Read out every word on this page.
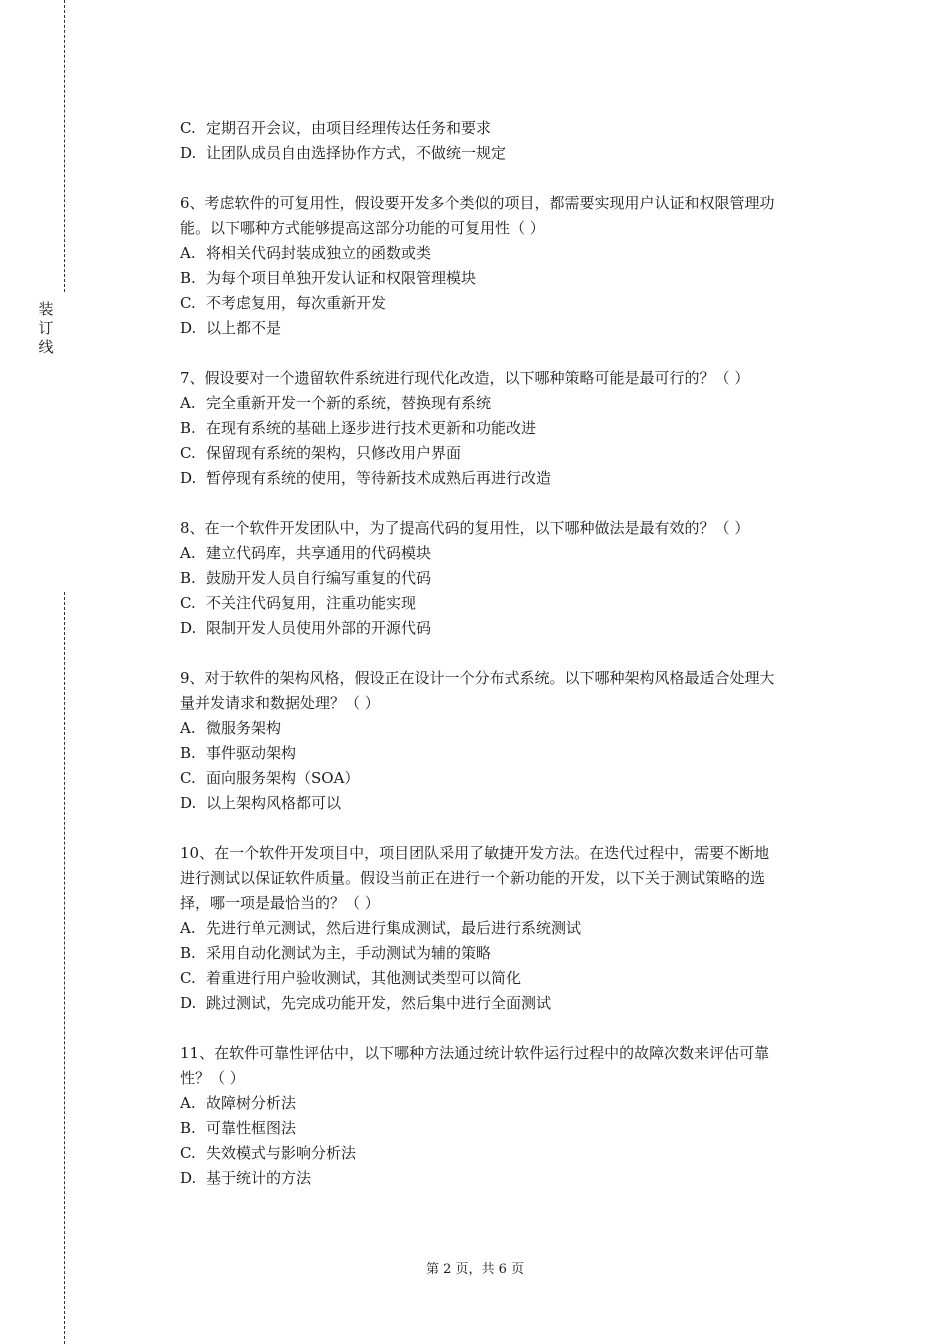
装
订
线
C. 定期召开会议，由项目经理传达任务和要求
D. 让团队成员自由选择协作方式，不做统一规定
6、考虑软件的可复用性，假设要开发多个类似的项目，都需要实现用户认证和权限管理功
能。以下哪种方式能够提高这部分功能的可复用性（ ）
A. 将相关代码封装成独立的函数或类
B. 为每个项目单独开发认证和权限管理模块
C. 不考虑复用，每次重新开发
D. 以上都不是
7、假设要对一个遗留软件系统进行现代化改造，以下哪种策略可能是最可行的？（ ）
A. 完全重新开发一个新的系统，替换现有系统
B. 在现有系统的基础上逐步进行技术更新和功能改进
C. 保留现有系统的架构，只修改用户界面
D. 暂停现有系统的使用，等待新技术成熟后再进行改造
8、在一个软件开发团队中，为了提高代码的复用性，以下哪种做法是最有效的？（ ）
A. 建立代码库，共享通用的代码模块
B. 鼓励开发人员自行编写重复的代码
C. 不关注代码复用，注重功能实现
D. 限制开发人员使用外部的开源代码
9、对于软件的架构风格，假设正在设计一个分布式系统。以下哪种架构风格最适合处理大
量并发请求和数据处理？（ ）
A. 微服务架构
B. 事件驱动架构
C. 面向服务架构（SOA）
D. 以上架构风格都可以
10、在一个软件开发项目中，项目团队采用了敏捷开发方法。在迭代过程中，需要不断地
进行测试以保证软件质量。假设当前正在进行一个新功能的开发，以下关于测试策略的选
择，哪一项是最恰当的？（ ）
A. 先进行单元测试，然后进行集成测试，最后进行系统测试
B. 采用自动化测试为主，手动测试为辅的策略
C. 着重进行用户验收测试，其他测试类型可以简化
D. 跳过测试，先完成功能开发，然后集中进行全面测试
11、在软件可靠性评估中，以下哪种方法通过统计软件运行过程中的故障次数来评估可靠
性？（ ）
A. 故障树分析法
B. 可靠性框图法
C. 失效模式与影响分析法
D. 基于统计的方法
第 2 页，共 6 页
